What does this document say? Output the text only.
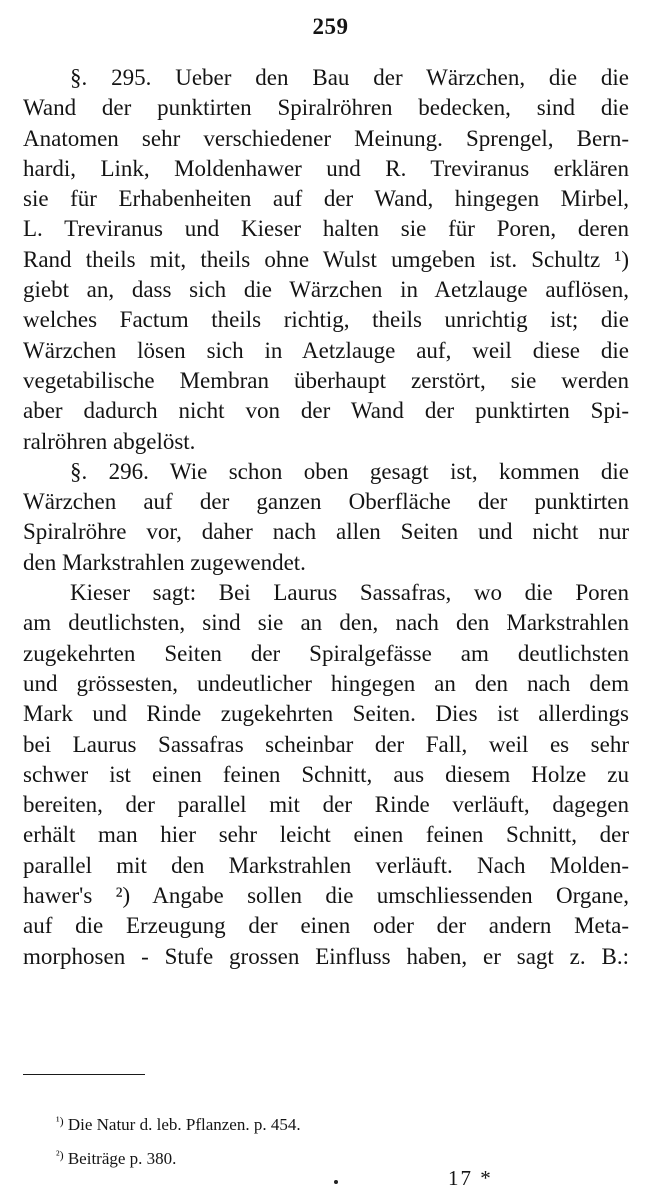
259
§. 295. Ueber den Bau der Wärzchen, die die
Wand der punktirten Spiralröhren bedecken, sind die
Anatomen sehr verschiedener Meinung. Sprengel, Bern-
hardi, Link, Moldenhawer und R. Treviranus erklären
sie für Erhabenheiten auf der Wand, hingegen Mirbel,
L. Treviranus und Kieser halten sie für Poren, deren
Rand theils mit, theils ohne Wulst umgeben ist. Schultz ¹)
giebt an, dass sich die Wärzchen in Aetzlauge auflösen,
welches Factum theils richtig, theils unrichtig ist; die
Wärzchen lösen sich in Aetzlauge auf, weil diese die
vegetabilische Membran überhaupt zerstört, sie werden
aber dadurch nicht von der Wand der punktirten Spi-
ralröhren abgelöst.
§. 296. Wie schon oben gesagt ist, kommen die
Wärzchen auf der ganzen Oberfläche der punktirten
Spiralröhre vor, daher nach allen Seiten und nicht nur
den Markstrahlen zugewendet.
Kieser sagt: Bei Laurus Sassafras, wo die Poren
am deutlichsten, sind sie an den, nach den Markstrahlen
zugekehrten Seiten der Spiralgefässe am deutlichsten
und grössesten, undeutlicher hingegen an den nach dem
Mark und Rinde zugekehrten Seiten. Dies ist allerdings
bei Laurus Sassafras scheinbar der Fall, weil es sehr
schwer ist einen feinen Schnitt, aus diesem Holze zu
bereiten, der parallel mit der Rinde verläuft, dagegen
erhält man hier sehr leicht einen feinen Schnitt, der
parallel mit den Markstrahlen verläuft. Nach Molden-
hawer's ²) Angabe sollen die umschliessenden Organe,
auf die Erzeugung der einen oder der andern Meta-
morphosen - Stufe grossen Einfluss haben, er sagt z. B.:
$^{^1)}$ Die Natur d. leb. Pflanzen. p. 454.
$^{^2)}$ Beiträge p. 380.
17 *
